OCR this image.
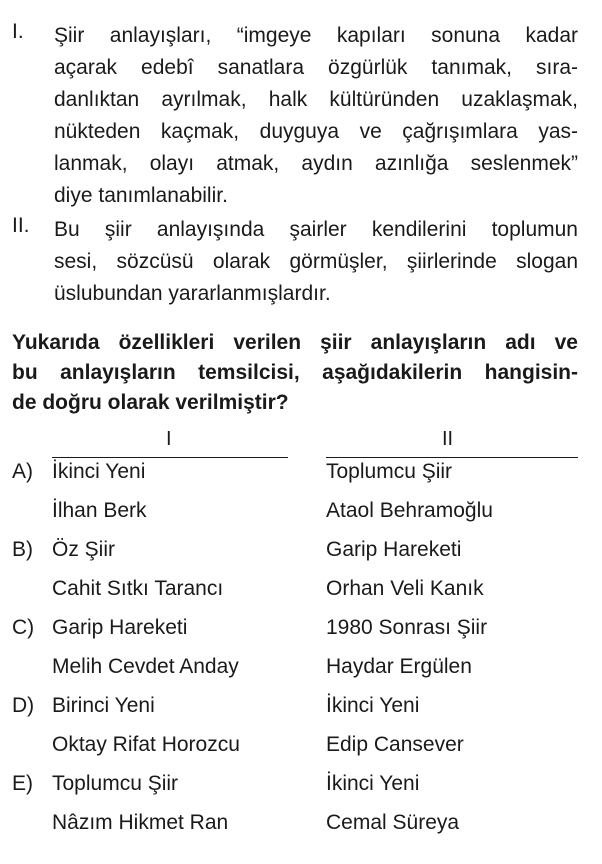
I. Şiir anlayışları, “imgeye kapıları sonuna kadar
açarak edebî sanatlara özgürlük tanımak, sıra-
danlıktan ayrılmak, halk kültüründen uzaklaşmak,
nükteden kaçmak, duyguya ve çağrışımlara yas-
lanmak, olayı atmak, aydın azınlığa seslenmek”
diye tanımlanabilir.
II. Bu şiir anlayışında şairler kendilerini toplumun
sesi, sözcüsü olarak görmüşler, şiirlerinde slogan
üslubundan yararlanmışlardır.
Yukarıda özellikleri verilen şiir anlayışların adı ve
bu anlayışların temsilcisi, aşağıdakilerin hangisin-
de doğru olarak verilmiştir?
I	II
A) İkinci Yeni
İlhan Berk
Toplumcu Şiir
Ataol Behramoğlu
B) Öz Şiir
Cahit Sıtkı Tarancı
Garip Hareketi
Orhan Veli Kanık
C) Garip Hareketi
Melih Cevdet Anday
1980 Sonrası Şiir
Haydar Ergülen
D) Birinci Yeni
Oktay Rifat Horozcu
İkinci Yeni
Edip Cansever
E) Toplumcu Şiir
Nâzım Hikmet Ran
İkinci Yeni
Cemal Süreya
